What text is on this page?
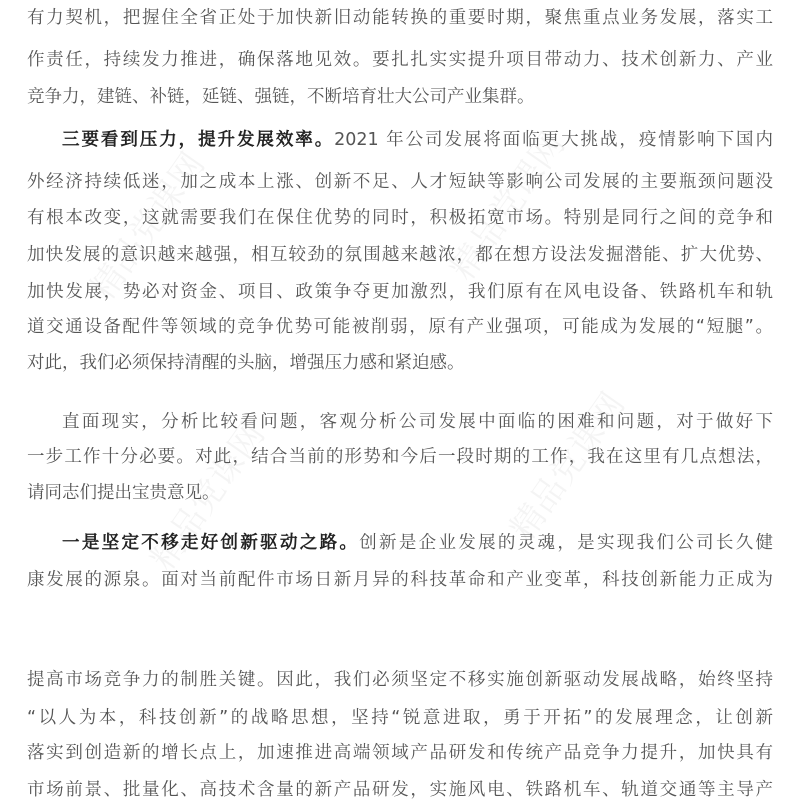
有力契机，把握住全省正处于加快新旧动能转换的重要时期，聚焦重点业务发展，落实工
作责任，持续发力推进，确保落地见效。要扎扎实实提升项目带动力、技术创新力、产业
竞争力，建链、补链，延链、强链，不断培育壮大公司产业集群。
三要看到压力，提升发展效率。2021 年公司发展将面临更大挑战，疫情影响下国内
外经济持续低迷，加之成本上涨、创新不足、人才短缺等影响公司发展的主要瓶颈问题没
有根本改变，这就需要我们在保住优势的同时，积极拓宽市场。特别是同行之间的竞争和
加快发展的意识越来越强，相互较劲的氛围越来越浓，都在想方设法发掘潜能、扩大优势、
加快发展，势必对资金、项目、政策争夺更加激烈，我们原有在风电设备、铁路机车和轨
道交通设备配件等领域的竞争优势可能被削弱，原有产业强项，可能成为发展的“短腿”。
对此，我们必须保持清醒的头脑，增强压力感和紧迫感。
直面现实，分析比较看问题，客观分析公司发展中面临的困难和问题，对于做好下
一步工作十分必要。对此，结合当前的形势和今后一段时期的工作，我在这里有几点想法，
请同志们提出宝贵意见。
一是坚定不移走好创新驱动之路。创新是企业发展的灵魂，是实现我们公司长久健
康发展的源泉。面对当前配件市场日新月异的科技革命和产业变革，科技创新能力正成为
提高市场竞争力的制胜关键。因此，我们必须坚定不移实施创新驱动发展战略，始终坚持
“以人为本，科技创新”的战略思想，坚持“锐意进取，勇于开拓”的发展理念，让创新
落实到创造新的增长点上，加速推进高端领域产品研发和传统产品竞争力提升，加快具有
市场前景、批量化、高技术含量的新产品研发，实施风电、铁路机车、轨道交通等主导产
